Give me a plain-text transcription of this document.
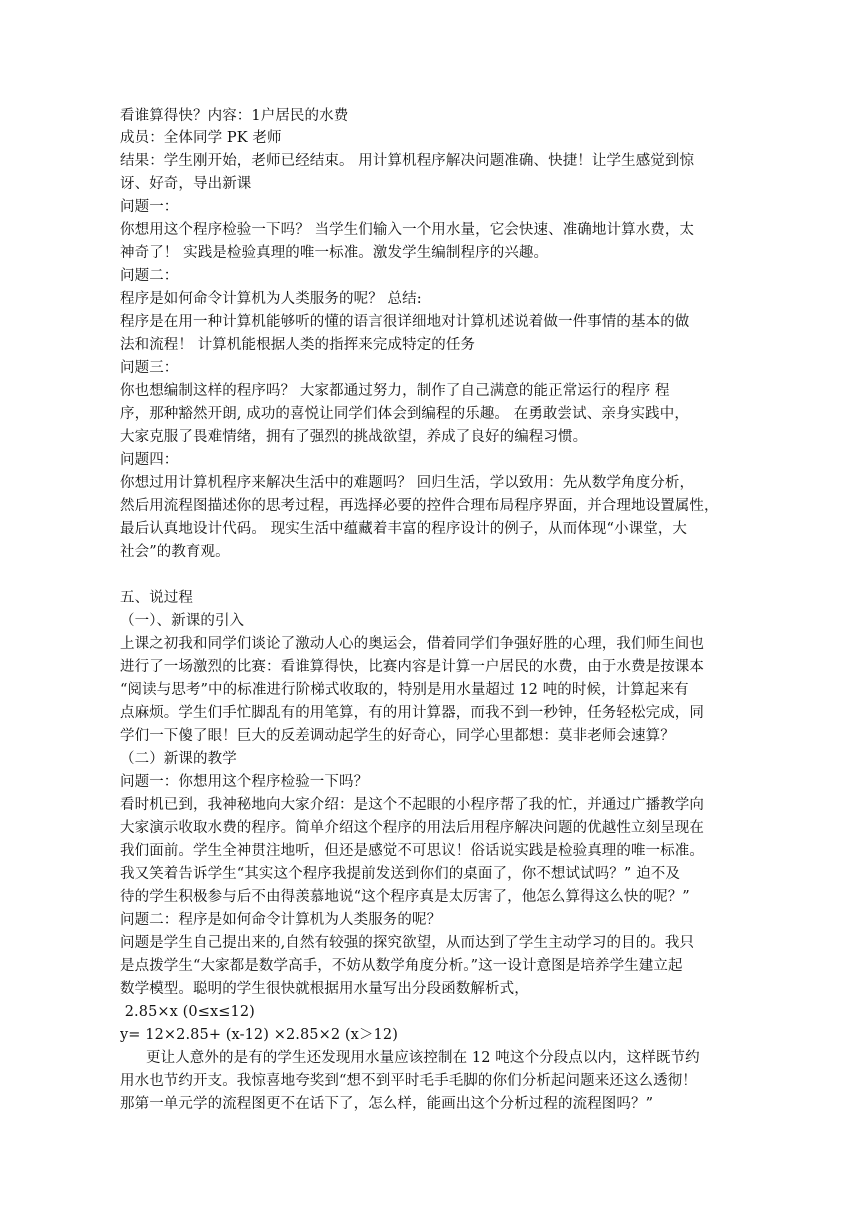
看谁算得快？内容：1户居民的水费
成员：全体同学 PK 老师
结果：学生刚开始，老师已经结束。 用计算机程序解决问题准确、快捷！让学生感觉到惊
讶、好奇，导出新课
问题一：
你想用这个程序检验一下吗？ 当学生们输入一个用水量，它会快速、准确地计算水费，太
神奇了！ 实践是检验真理的唯一标准。激发学生编制程序的兴趣。
问题二：
程序是如何命令计算机为人类服务的呢？ 总结:
程序是在用一种计算机能够听的懂的语言很详细地对计算机述说着做一件事情的基本的做
法和流程！ 计算机能根据人类的指挥来完成特定的任务
问题三：
你也想编制这样的程序吗？ 大家都通过努力，制作了自己满意的能正常运行的程序 程
序，那种豁然开朗, 成功的喜悦让同学们体会到编程的乐趣。 在勇敢尝试、亲身实践中，
大家克服了畏难情绪，拥有了强烈的挑战欲望，养成了良好的编程习惯。
问题四：
你想过用计算机程序来解决生活中的难题吗？ 回归生活，学以致用：先从数学角度分析，
然后用流程图描述你的思考过程，再选择必要的控件合理布局程序界面，并合理地设置属性，
最后认真地设计代码。 现实生活中蕴藏着丰富的程序设计的例子，从而体现“小课堂，大
社会”的教育观。
五、说过程
（一）、新课的引入
上课之初我和同学们谈论了激动人心的奥运会，借着同学们争强好胜的心理，我们师生间也
进行了一场激烈的比赛：看谁算得快，比赛内容是计算一户居民的水费，由于水费是按课本
“阅读与思考”中的标准进行阶梯式收取的，特别是用水量超过 12 吨的时候，计算起来有
点麻烦。学生们手忙脚乱有的用笔算，有的用计算器，而我不到一秒钟，任务轻松完成，同
学们一下傻了眼！巨大的反差调动起学生的好奇心，同学心里都想：莫非老师会速算？
（二）新课的教学
问题一：你想用这个程序检验一下吗？
看时机已到，我神秘地向大家介绍：是这个不起眼的小程序帮了我的忙，并通过广播教学向
大家演示收取水费的程序。简单介绍这个程序的用法后用程序解决问题的优越性立刻呈现在
我们面前。学生全神贯注地听，但还是感觉不可思议！俗话说实践是检验真理的唯一标准。
我又笑着告诉学生“其实这个程序我提前发送到你们的桌面了，你不想试试吗？” 迫不及
待的学生积极参与后不由得羡慕地说“这个程序真是太厉害了，他怎么算得这么快的呢？”
问题二：程序是如何命令计算机为人类服务的呢？
问题是学生自己提出来的,自然有较强的探究欲望，从而达到了学生主动学习的目的。我只
是点拨学生“大家都是数学高手，不妨从数学角度分析。”这一设计意图是培养学生建立起
数学模型。聪明的学生很快就根据用水量写出分段函数解析式，
2.85×x (0≤x≤12)
y= 12×2.85+ (x-12) ×2.85×2 (x＞12)
更让人意外的是有的学生还发现用水量应该控制在 12 吨这个分段点以内，这样既节约
用水也节约开支。我惊喜地夸奖到“想不到平时毛手毛脚的你们分析起问题来还这么透彻！
那第一单元学的流程图更不在话下了，怎么样，能画出这个分析过程的流程图吗？”
